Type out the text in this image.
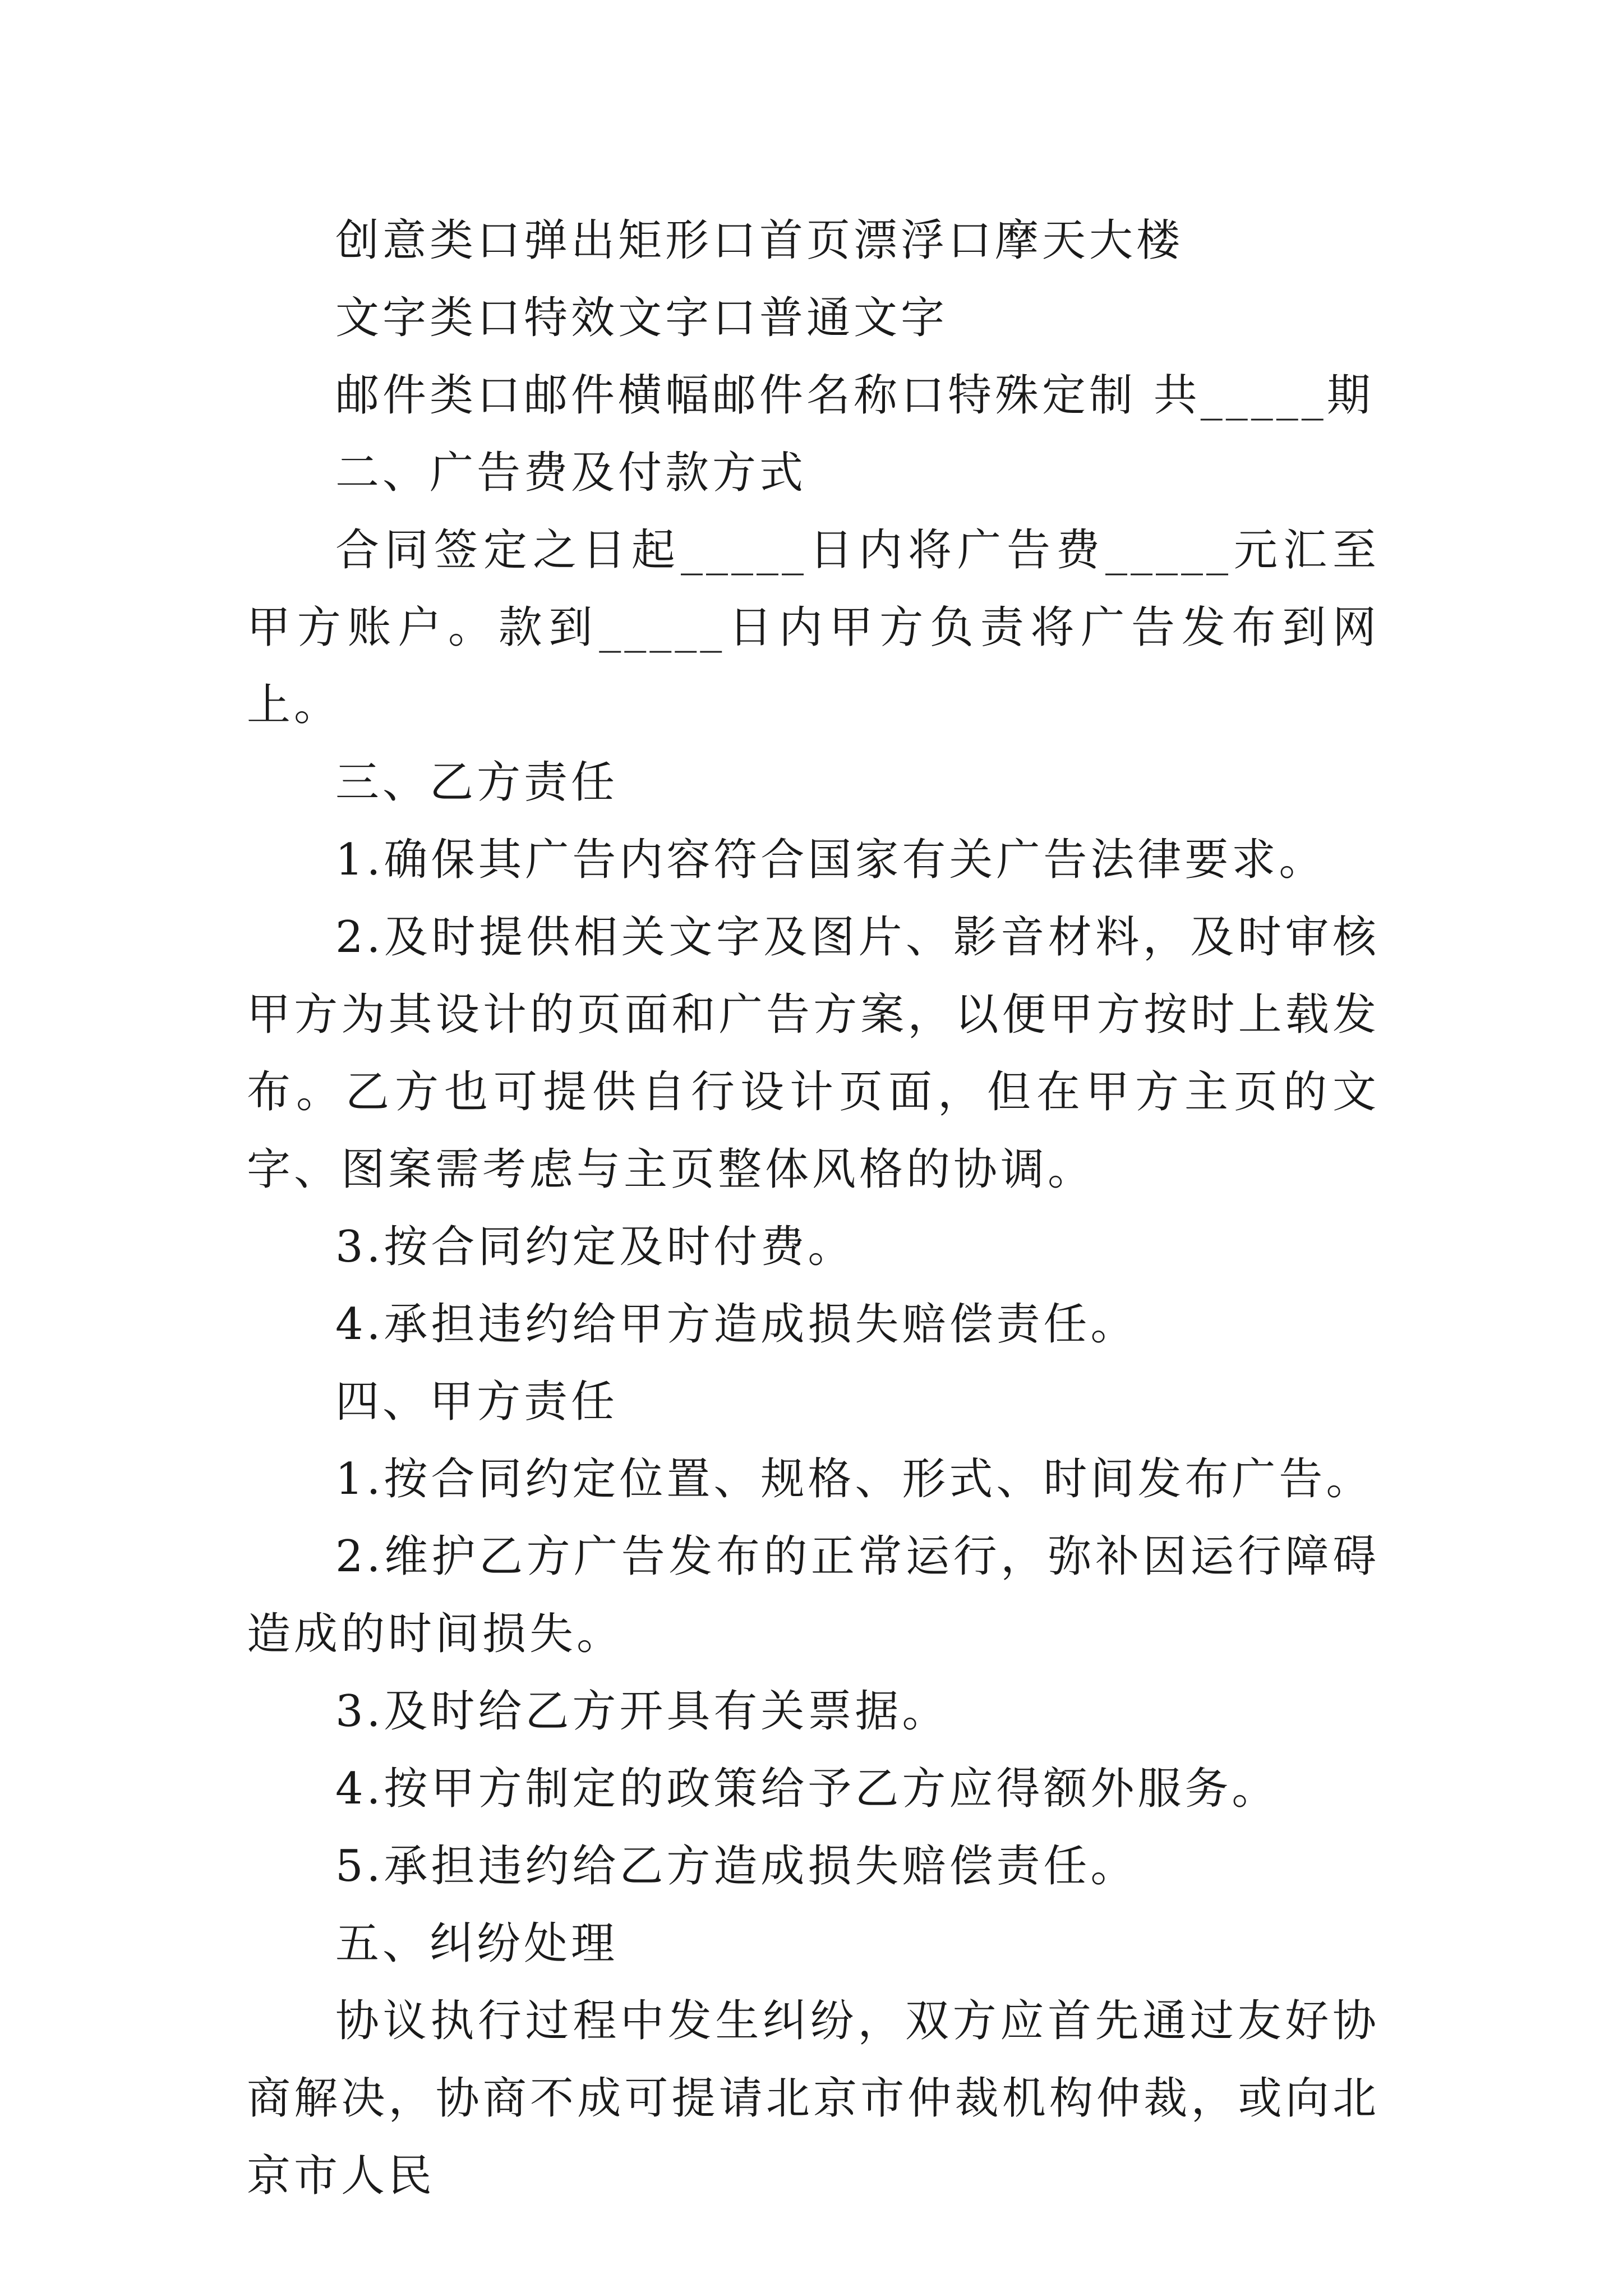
创意类口弹出矩形口首页漂浮口摩天大楼

文字类口特效文字口普通文字

邮件类口邮件横幅邮件名称口特殊定制 共_____期

二、广告费及付款方式

合同签定之日起_____日内将广告费_____元汇至甲方账户。款到_____日内甲方负责将广告发布到网上。

三、乙方责任

1.确保其广告内容符合国家有关广告法律要求。

2.及时提供相关文字及图片、影音材料，及时审核甲方为其设计的页面和广告方案，以便甲方按时上载发布。乙方也可提供自行设计页面，但在甲方主页的文字、图案需考虑与主页整体风格的协调。

3.按合同约定及时付费。

4.承担违约给甲方造成损失赔偿责任。

四、甲方责任

1.按合同约定位置、规格、形式、时间发布广告。

2.维护乙方广告发布的正常运行，弥补因运行障碍造成的时间损失。

3.及时给乙方开具有关票据。

4.按甲方制定的政策给予乙方应得额外服务。

5.承担违约给乙方造成损失赔偿责任。

五、纠纷处理

协议执行过程中发生纠纷，双方应首先通过友好协商解决，协商不成可提请北京市仲裁机构仲裁，或向北京市人民
